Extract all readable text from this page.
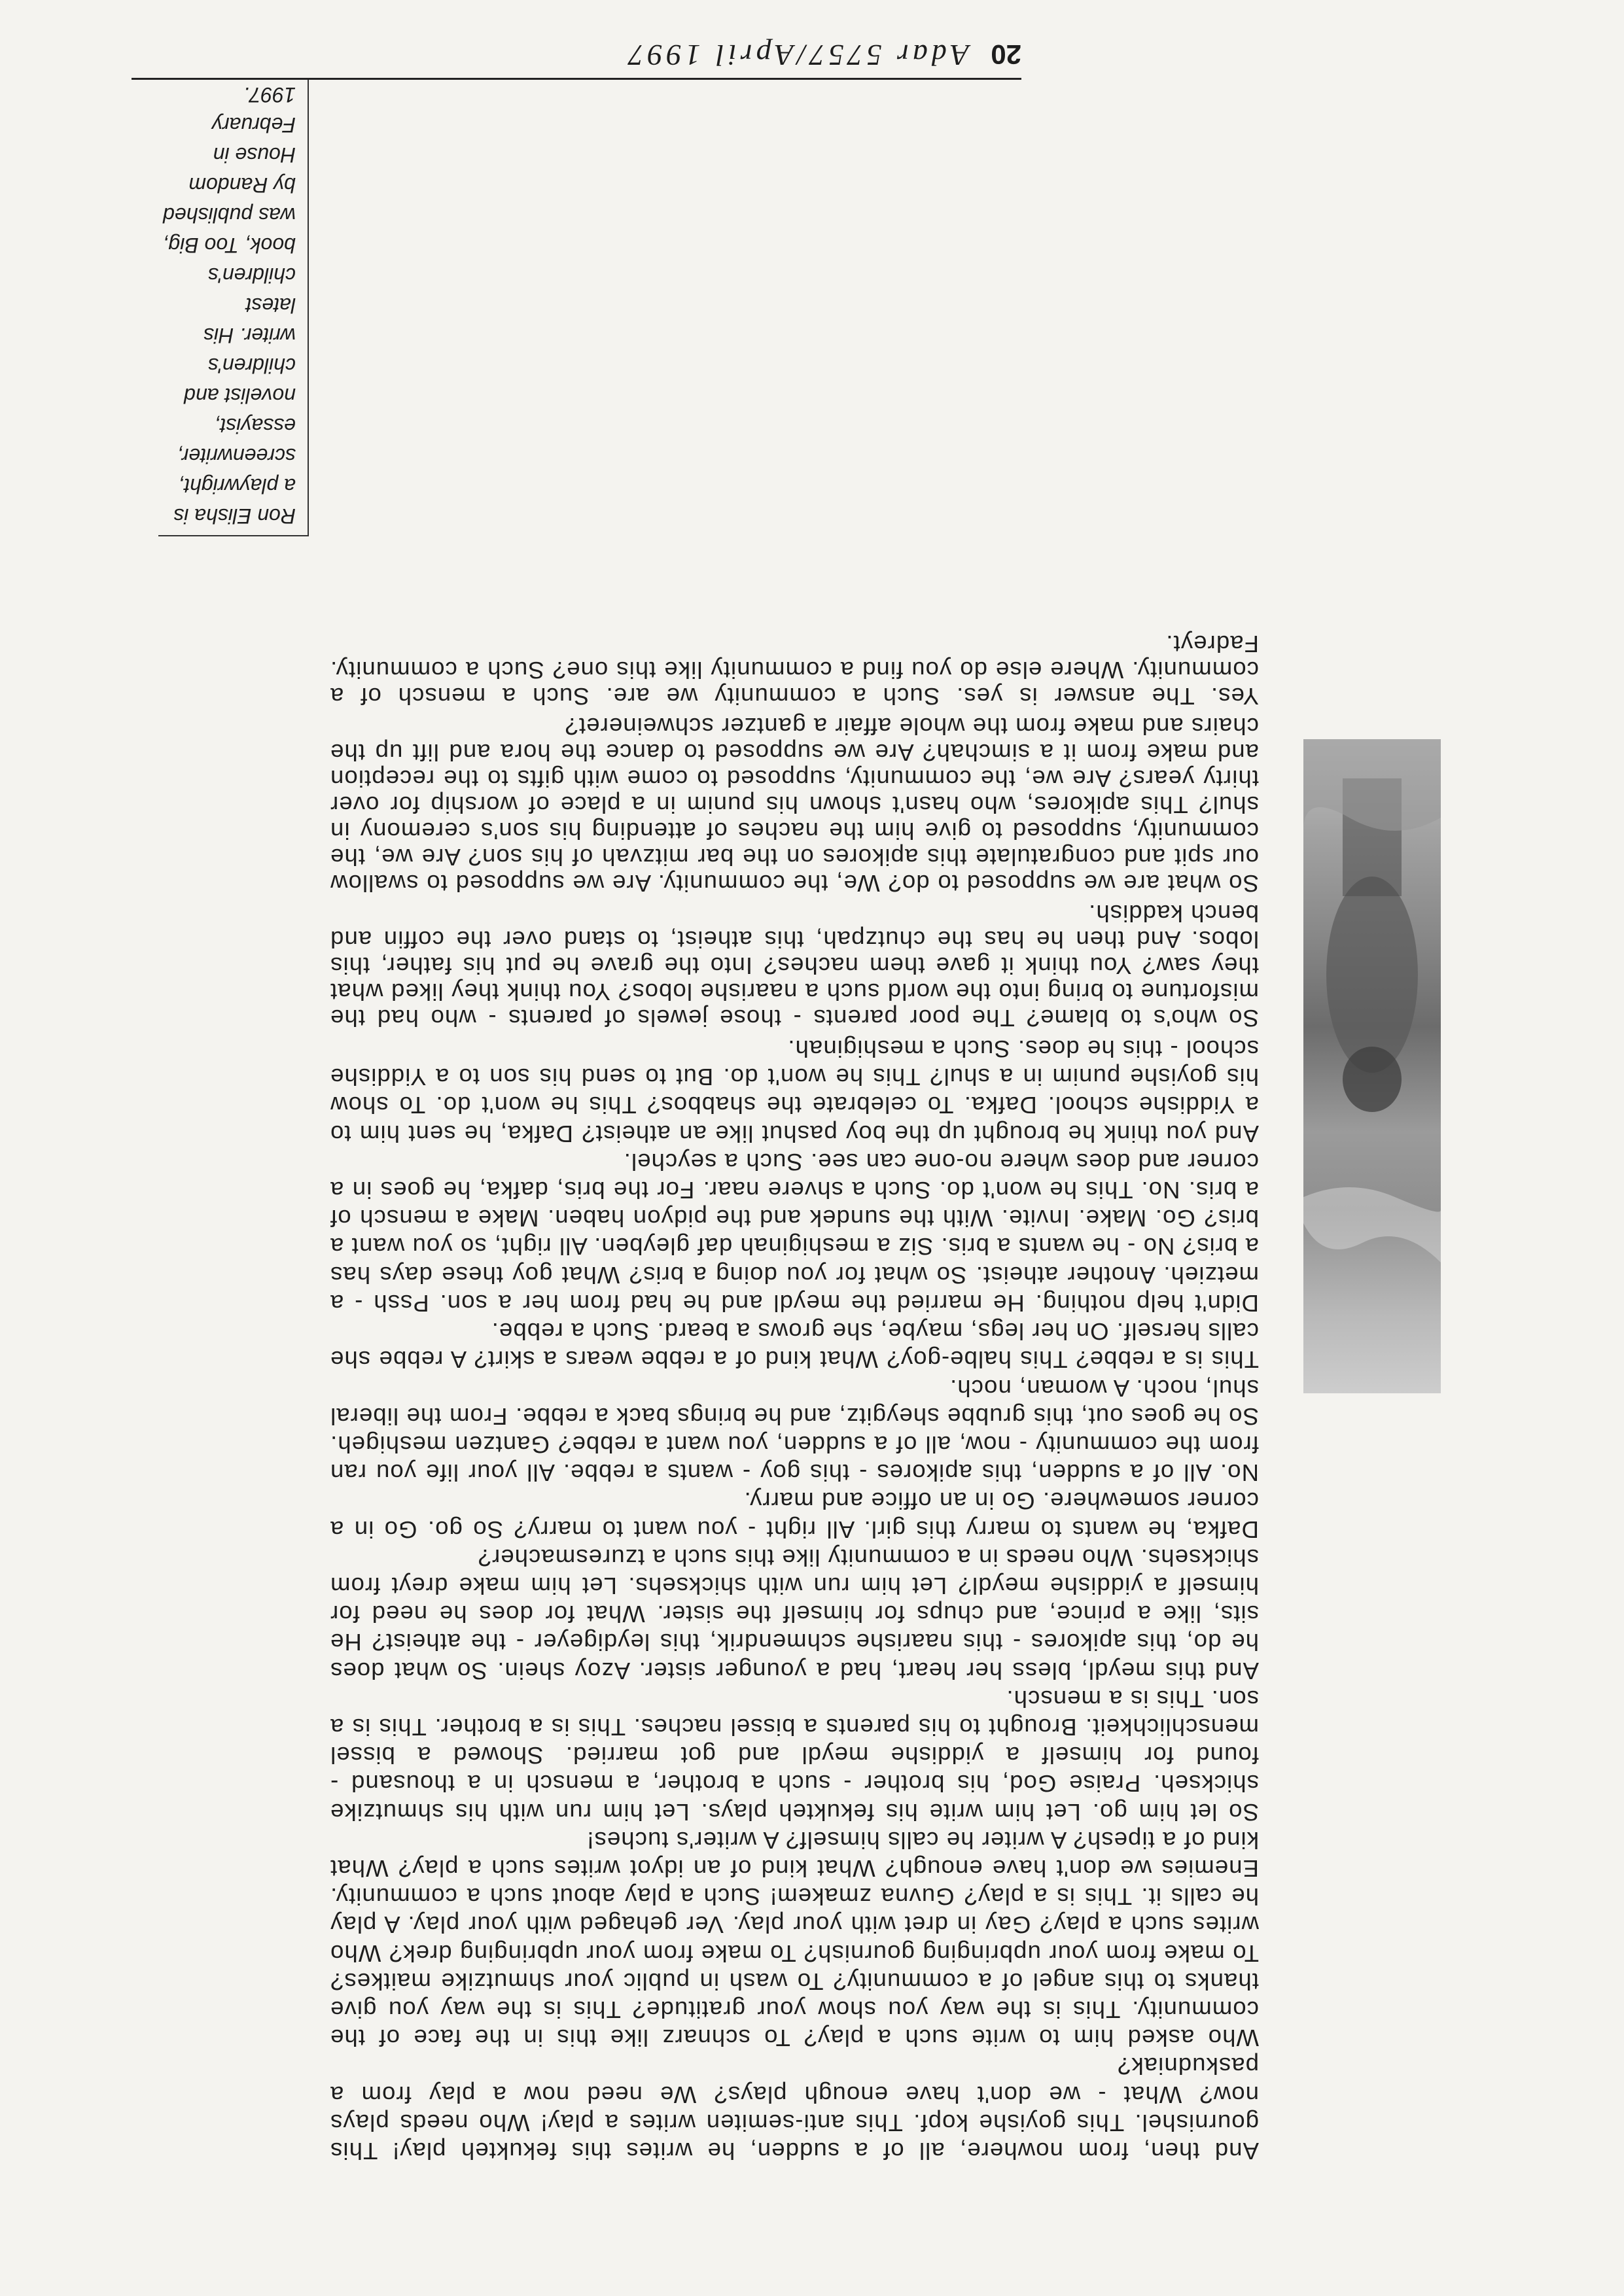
20
Adar 5757/April 1997

And then, from nowhere, all of a sudden, he writes this fekukteh play! This gournishel. This goyishe kopf. This anti-semiten writes a play! Who needs plays now? What - we don't have enough plays? We need now a play from a paskudniak?

Who asked him to write such a play? To schnarz like this in the face of the community. This is the way you show your gratitude? This is the way you give thanks to this angel of a community? To wash in public your shmutzike maitkes? To make from your upbringing gournish? To make from your upbringing drek? Who writes such a play? Gay in dret with your play. Ver gehaged with your play. A play he calls it. This is a play? Guvna zmakem! Such a play about such a community. Enemies we don't have enough? What kind of an idyot writes such a play? What kind of a tipesh? A writer he calls himself? A writer's tuches!

So let him go. Let him write his fekukteh plays. Let him run with his shmutzike shickseh. Praise God, his brother - such a brother, a mensch in a thousand - found for himself a yiddishe meydl and got married. Showed a bissel menschlichkeit. Brought to his parents a bissel naches. This is a brother. This is a son. This is a mensch.

And this meydl, bless her heart, had a younger sister. Azoy shein. So what does he do, this apikores - this naarishe schmendrik, this leydigeyer - the atheist? He sits, like a prince, and chups for himself the sister. What for does he need for himself a yiddishe meydl? Let him run with shicksehs. Let him make dreyt from shicksehs. Who needs in a community like this such a tzuresmacher?

Dafka, he wants to marry this girl. All right - you want to marry? So go. Go in a corner somewhere. Go in an office and marry.

No. All of a sudden, this apikores - this goy - wants a rebbe. All your life you ran from the community - now, all of a sudden, you want a rebbe? Gantzen meshigeh. So he goes out, this grubbe sheygitz, and he brings back a rebbe. From the liberal shul, noch. A woman, noch.

This is a rebbe? This halbe-goy? What kind of a rebbe wears a skirt? A rebbe she calls herself. On her legs, maybe, she grows a beard. Such a rebbe.

Didn't help nothing. He married the meydl and he had from her a son. Pssh - a metzieh. Another atheist. So what for you doing a bris? What goy these days has a bris? No - he wants a bris. Siz a meshiginah daf gleyben. All right, so you want a bris? Go. Make. Invite. With the sundek and the pidyon haben. Make a mensch of a bris. No. This he won't do. Such a shvere naar. For the bris, dafka, he goes in a corner and does where no-one can see. Such a seychel.

And you think he brought up the boy pashut like an atheist? Dafka, he sent him to a Yiddishe school. Dafka. To celebrate the shabbos? This he won't do. To show his goyishe punim in a shul? This he won't do. But to send his son to a Yiddishe school - this he does. Such a meshiginah.

So who's to blame? The poor parents - those jewels of parents - who had the misfortune to bring into the world such a naarishe lobos? You think they liked what they saw? You think it gave them naches? Into the grave he put his father, this lobos. And then he has the chutzpah, this atheist, to stand over the coffin and bench kaddish.

So what are we supposed to do? We, the community. Are we supposed to swallow our spit and congratulate this apikores on the bar mitzvah of his son? Are we, the community, supposed to give him the naches of attending his son's ceremony in shul? This apikores, who hasn't shown his punim in a place of worship for over thirty years? Are we, the community, supposed to come with gifts to the reception and make from it a simchah? Are we supposed to dance the hora and lift up the chairs and make from the whole affair a gantzer schweineret?

Yes. The answer is yes. Such a community we are. Such a mensch of a community. Where else do you find a community like this one? Such a community. Fadreyt.

Ron Elisha is a playwright, screenwriter, essayist, novelist and children's writer. His latest children's book, Too Big, was published by Random House in February 1997.
